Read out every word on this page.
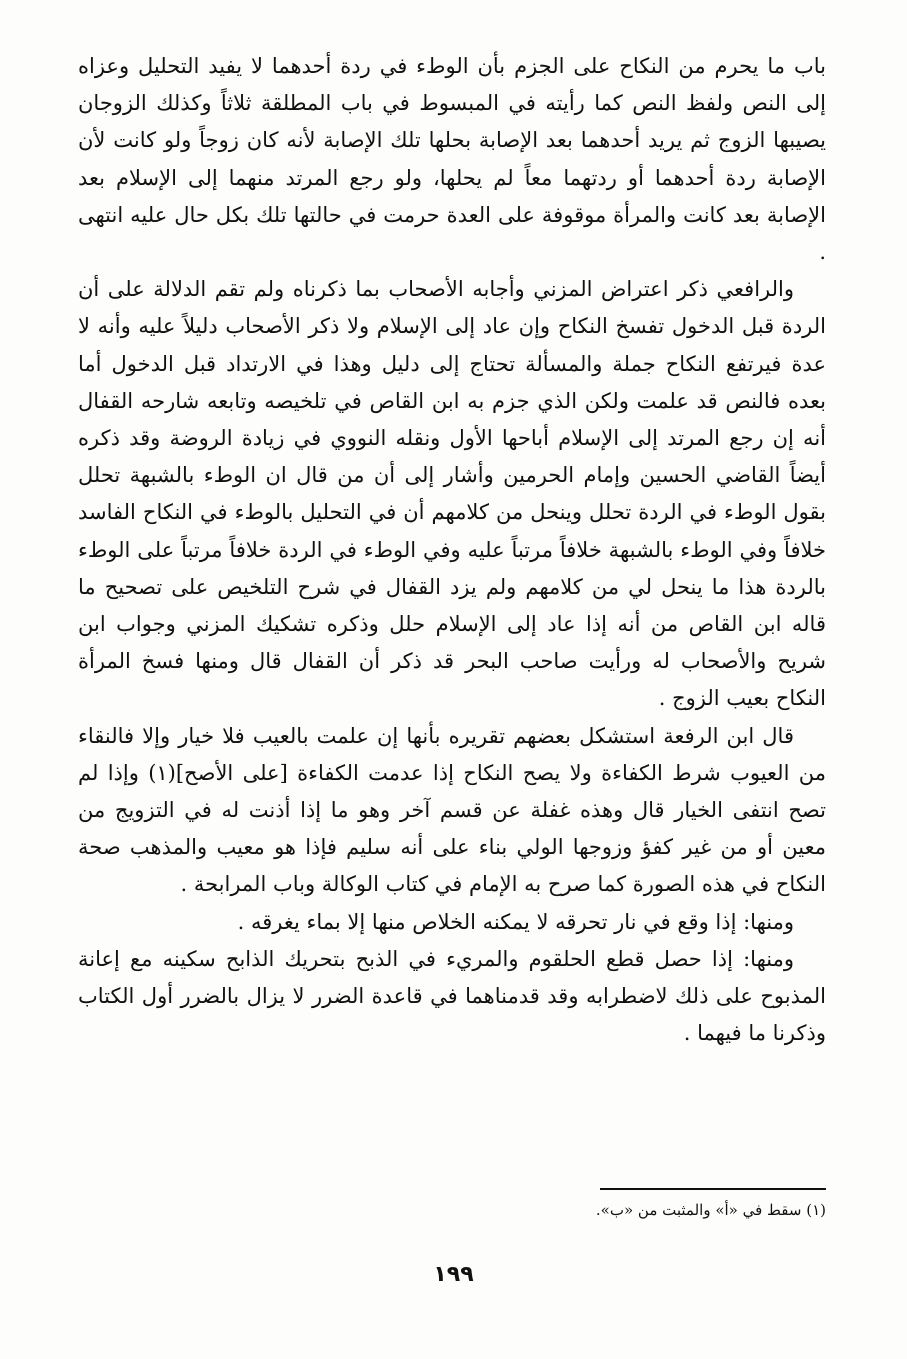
باب ما يحرم من النكاح على الجزم بأن الوطء في ردة أحدهما لا يفيد التحليل وعزاه إلى النص ولفظ النص كما رأيته في المبسوط في باب المطلقة ثلاثاً وكذلك الزوجان يصيبها الزوج ثم يريد أحدهما بعد الإصابة بحلها تلك الإصابة لأنه كان زوجاً ولو كانت لأن الإصابة ردة أحدهما أو ردتهما معاً لم يحلها، ولو رجع المرتد منهما إلى الإسلام بعد الإصابة بعد كانت والمرأة موقوفة على العدة حرمت في حالتها تلك بكل حال عليه انتهى .

والرافعي ذكر اعتراض المزني وأجابه الأصحاب بما ذكرناه ولم تقم الدلالة على أن الردة قبل الدخول تفسخ النكاح وإن عاد إلى الإسلام ولا ذكر الأصحاب دليلاً عليه وأنه لا عدة فيرتفع النكاح جملة والمسألة تحتاج إلى دليل وهذا في الارتداد قبل الدخول أما بعده فالنص قد علمت ولكن الذي جزم به ابن القاص في تلخيصه وتابعه شارحه القفال أنه إن رجع المرتد إلى الإسلام أباحها الأول ونقله النووي في زيادة الروضة وقد ذكره أيضاً القاضي الحسين وإمام الحرمين وأشار إلى أن من قال ان الوطء بالشبهة تحلل بقول الوطء في الردة تحلل وينحل من كلامهم أن في التحليل بالوطء في النكاح الفاسد خلافاً وفي الوطء بالشبهة خلافاً مرتباً عليه وفي الوطء في الردة خلافاً مرتباً على الوطء بالردة هذا ما ينحل لي من كلامهم ولم يزد القفال في شرح التلخيص على تصحيح ما قاله ابن القاص من أنه إذا عاد إلى الإسلام حلل وذكره تشكيك المزني وجواب ابن شريح والأصحاب له ورأيت صاحب البحر قد ذكر أن القفال قال ومنها فسخ المرأة النكاح بعيب الزوج .

قال ابن الرفعة استشكل بعضهم تقريره بأنها إن علمت بالعيب فلا خيار وإلا فالنقاء من العيوب شرط الكفاءة ولا يصح النكاح إذا عدمت الكفاءة [على الأصح](١) وإذا لم تصح انتفى الخيار قال وهذه غفلة عن قسم آخر وهو ما إذا أذنت له في التزويج من معين أو من غير كفؤ وزوجها الولي بناء على أنه سليم فإذا هو معيب والمذهب صحة النكاح في هذه الصورة كما صرح به الإمام في كتاب الوكالة وباب المرابحة .

ومنها: إذا وقع في نار تحرقه لا يمكنه الخلاص منها إلا بماء يغرقه .

ومنها: إذا حصل قطع الحلقوم والمريء في الذبح بتحريك الذابح سكينه مع إعانة المذبوح على ذلك لاضطرابه وقد قدمناهما في قاعدة الضرر لا يزال بالضرر أول الكتاب وذكرنا ما فيهما .

(١) سقط في «أ» والمثبت من «ب».
١٩٩
